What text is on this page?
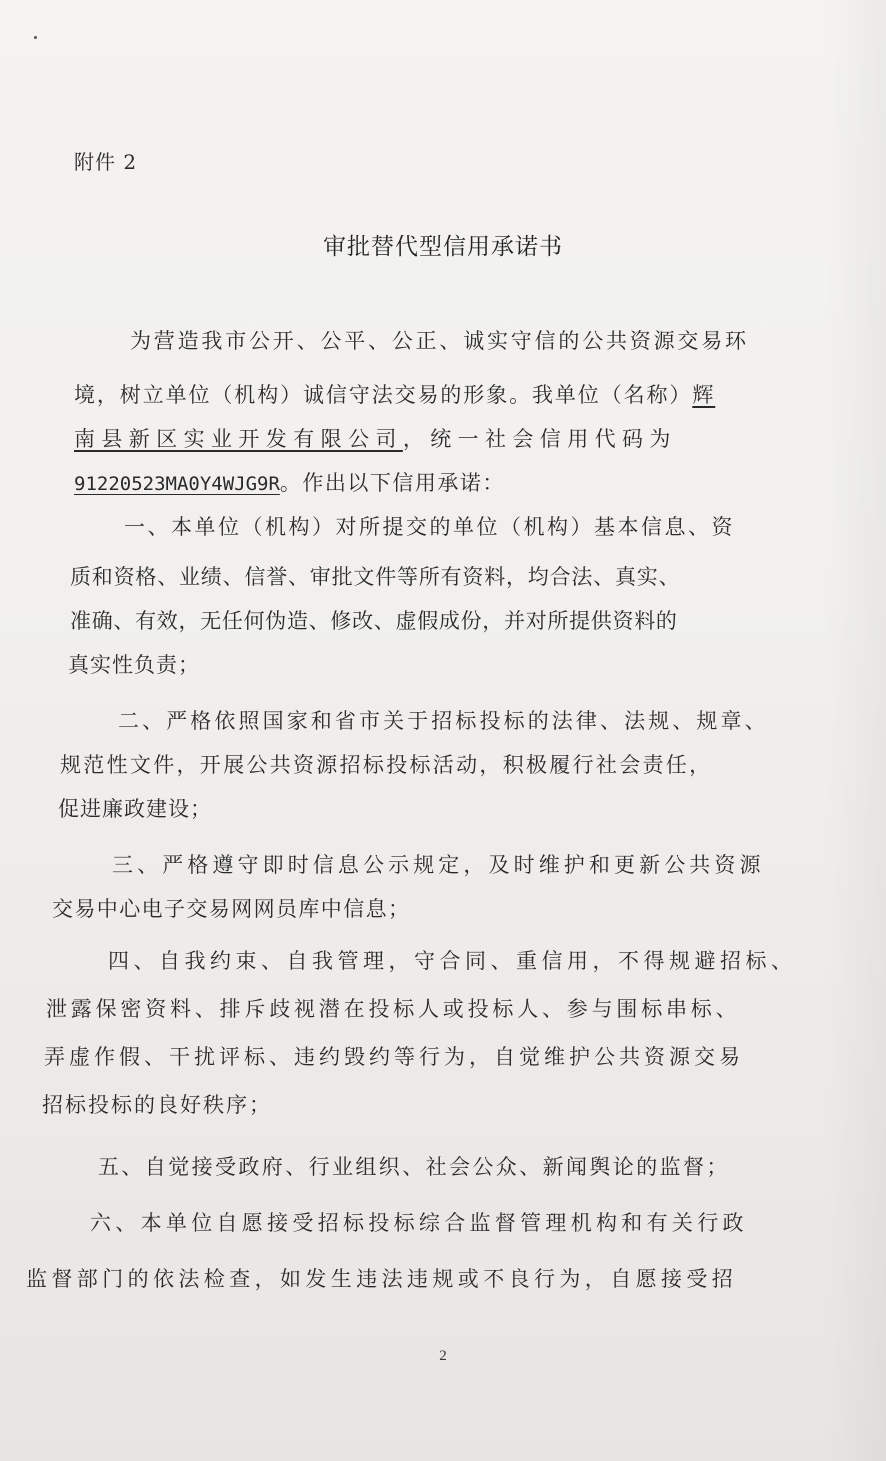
附件 2
审批替代型信用承诺书
为营造我市公开、公平、公正、诚实守信的公共资源交易环
境，树立单位（机构）诚信守法交易的形象。我单位（名称）辉
南县新区实业开发有限公司，统一社会信用代码为
91220523MA0Y4WJG9R。作出以下信用承诺：
一、本单位（机构）对所提交的单位（机构）基本信息、资
质和资格、业绩、信誉、审批文件等所有资料，均合法、真实、
准确、有效，无任何伪造、修改、虚假成份，并对所提供资料的
真实性负责；
二、严格依照国家和省市关于招标投标的法律、法规、规章、
规范性文件，开展公共资源招标投标活动，积极履行社会责任，
促进廉政建设；
三、严格遵守即时信息公示规定，及时维护和更新公共资源
交易中心电子交易网网员库中信息；
四、自我约束、自我管理，守合同、重信用，不得规避招标、
泄露保密资料、排斥歧视潜在投标人或投标人、参与围标串标、
弄虚作假、干扰评标、违约毁约等行为，自觉维护公共资源交易
招标投标的良好秩序；
五、自觉接受政府、行业组织、社会公众、新闻舆论的监督；
六、本单位自愿接受招标投标综合监督管理机构和有关行政
监督部门的依法检查，如发生违法违规或不良行为，自愿接受招
2
